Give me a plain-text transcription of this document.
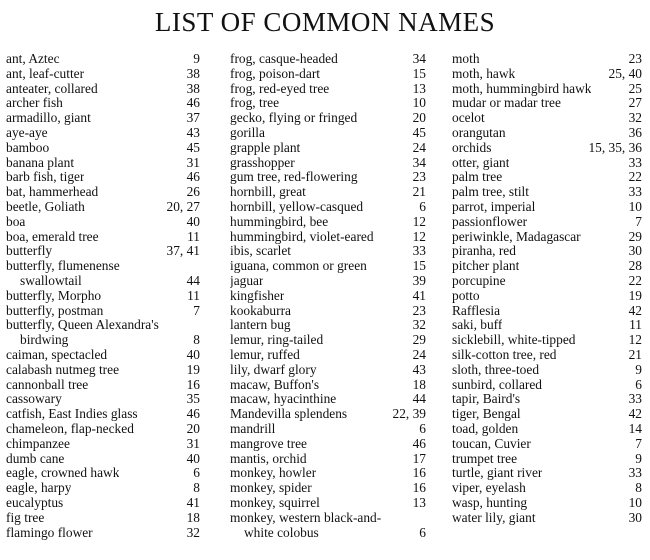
LIST OF COMMON NAMES
ant, Aztec	9
ant, leaf-cutter	38
anteater, collared	38
archer fish	46
armadillo, giant	37
aye-aye	43
bamboo	45
banana plant	31
barb fish, tiger	46
bat, hammerhead	26
beetle, Goliath	20, 27
boa	40
boa, emerald tree	11
butterfly	37, 41
butterfly, flumenense
swallowtail	44
butterfly, Morpho	11
butterfly, postman	7
butterfly, Queen Alexandra's
birdwing	8
caiman, spectacled	40
calabash nutmeg tree	19
cannonball tree	16
cassowary	35
catfish, East Indies glass	46
chameleon, flap-necked	20
chimpanzee	31
dumb cane	40
eagle, crowned hawk	6
eagle, harpy	8
eucalyptus	41
fig tree	18
flamingo flower	32
frog, casque-headed	34
frog, poison-dart	15
frog, red-eyed tree	13
frog, tree	10
gecko, flying or fringed	20
gorilla	45
grapple plant	24
grasshopper	34
gum tree, red-flowering	23
hornbill, great	21
hornbill, yellow-casqued	6
hummingbird, bee	12
hummingbird, violet-eared	12
ibis, scarlet	33
iguana, common or green	15
jaguar	39
kingfisher	41
kookaburra	23
lantern bug	32
lemur, ring-tailed	29
lemur, ruffed	24
lily, dwarf glory	43
macaw, Buffon's	18
macaw, hyacinthine	44
Mandevilla splendens	22, 39
mandrill	6
mangrove tree	46
mantis, orchid	17
monkey, howler	16
monkey, spider	16
monkey, squirrel	13
monkey, western black-and-
white colobus	6
moth	23
moth, hawk	25, 40
moth, hummingbird hawk	25
mudar or madar tree	27
ocelot	32
orangutan	36
orchids	15, 35, 36
otter, giant	33
palm tree	22
palm tree, stilt	33
parrot, imperial	10
passionflower	7
periwinkle, Madagascar	29
piranha, red	30
pitcher plant	28
porcupine	22
potto	19
Rafflesia	42
saki, buff	11
sicklebill, white-tipped	12
silk-cotton tree, red	21
sloth, three-toed	9
sunbird, collared	6
tapir, Baird's	33
tiger, Bengal	42
toad, golden	14
toucan, Cuvier	7
trumpet tree	9
turtle, giant river	33
viper, eyelash	8
wasp, hunting	10
water lily, giant	30
